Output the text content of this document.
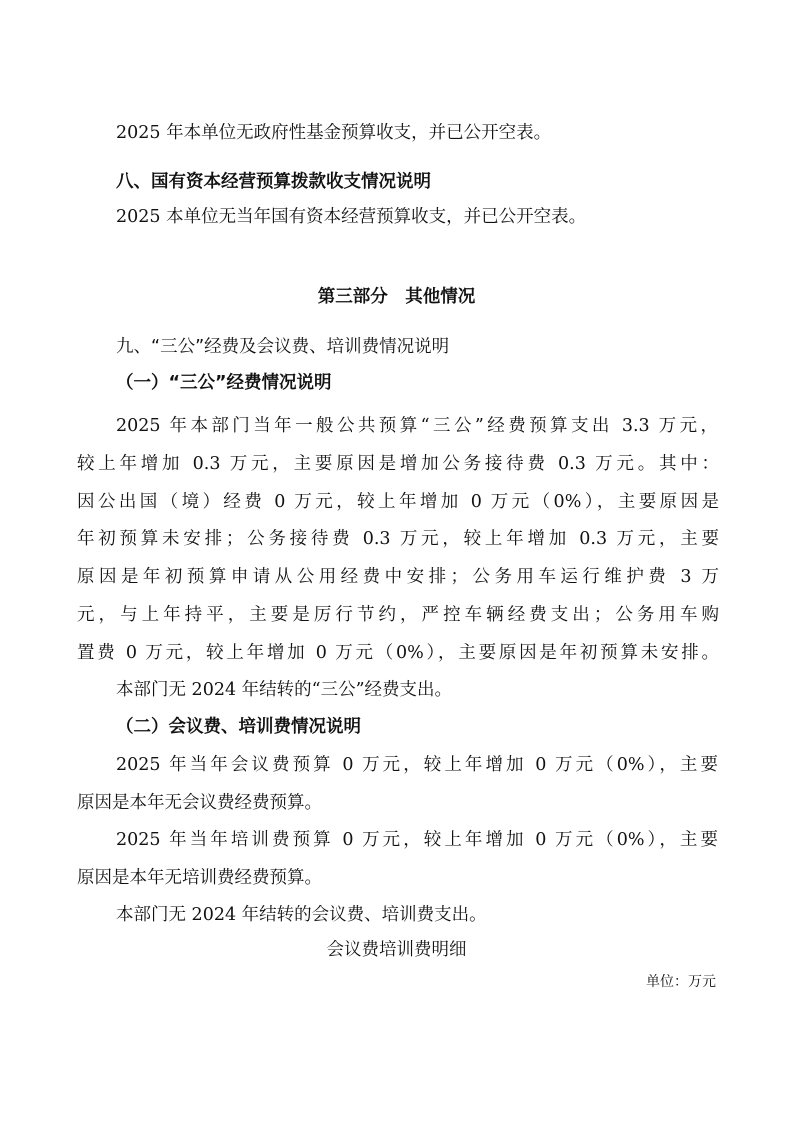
2025 年本单位无政府性基金预算收支，并已公开空表。
八、国有资本经营预算拨款收支情况说明
2025 本单位无当年国有资本经营预算收支，并已公开空表。
第三部分　其他情况
九、“三公”经费及会议费、培训费情况说明
（一）“三公”经费情况说明
2025 年本部门当年一般公共预算“三公”经费预算支出 3.3 万元，
较上年增加 0.3 万元，主要原因是增加公务接待费 0.3 万元。其中：
因公出国（境）经费 0 万元，较上年增加 0 万元（0%），主要原因是
年初预算未安排；公务接待费 0.3 万元，较上年增加 0.3 万元，主要
原因是年初预算申请从公用经费中安排；公务用车运行维护费 3 万
元，与上年持平，主要是厉行节约，严控车辆经费支出；公务用车购
置费 0 万元，较上年增加 0 万元（0%），主要原因是年初预算未安排。
本部门无 2024 年结转的“三公”经费支出。
（二）会议费、培训费情况说明
2025 年当年会议费预算 0 万元，较上年增加 0 万元（0%），主要
原因是本年无会议费经费预算。
2025 年当年培训费预算 0 万元，较上年增加 0 万元（0%），主要
原因是本年无培训费经费预算。
本部门无 2024 年结转的会议费、培训费支出。
会议费培训费明细
单位：万元
